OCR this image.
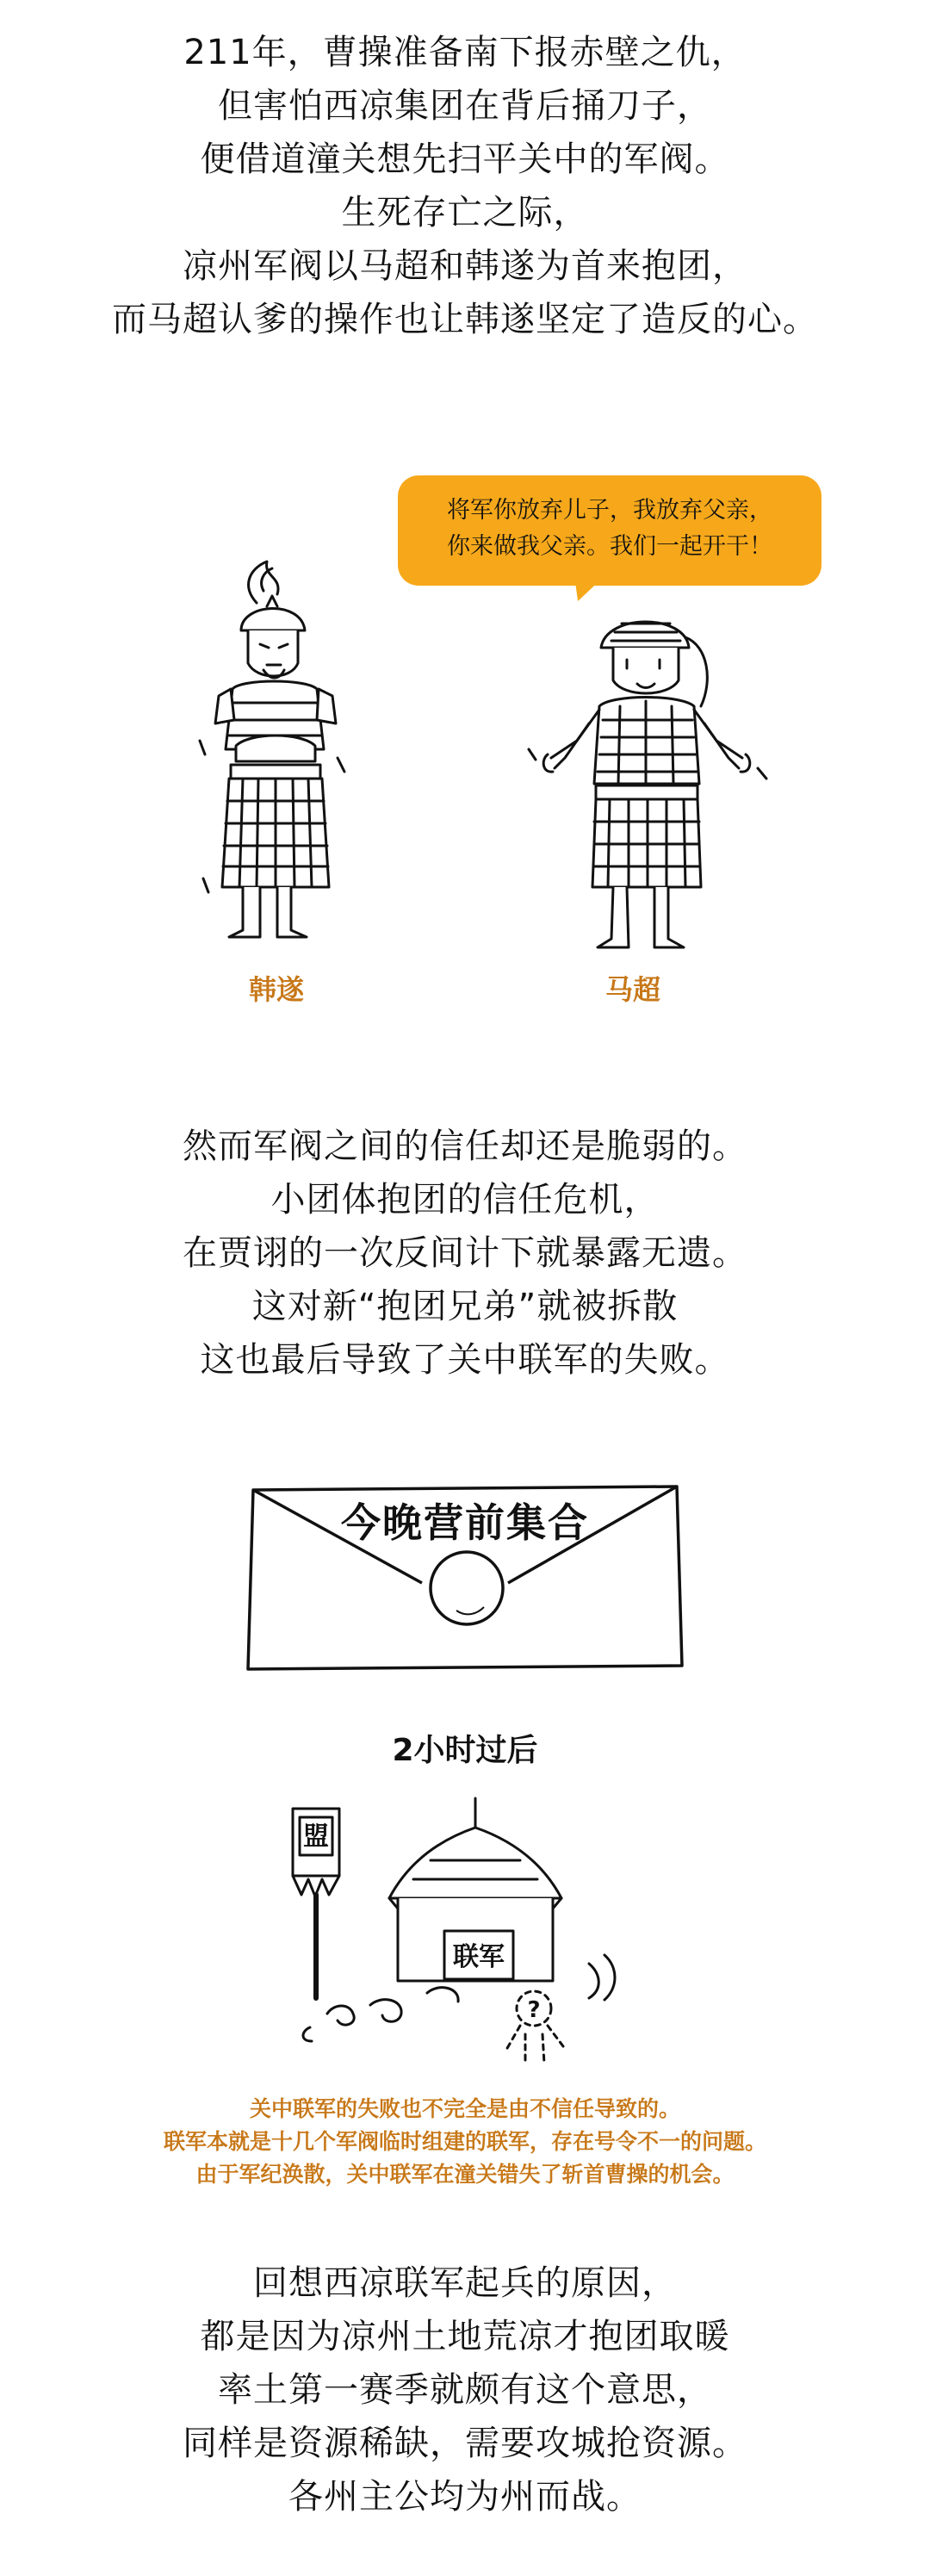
211年，曹操准备南下报赤壁之仇，
但害怕西凉集团在背后捅刀子，
便借道潼关想先扫平关中的军阀。
生死存亡之际，
凉州军阀以马超和韩遂为首来抱团，
而马超认爹的操作也让韩遂坚定了造反的心。
将军你放弃儿子，我放弃父亲，
你来做我父亲。我们一起开干！
韩遂	马超
然而军阀之间的信任却还是脆弱的。
小团体抱团的信任危机，
在贾诩的一次反间计下就暴露无遗。
这对新“抱团兄弟”就被拆散
这也最后导致了关中联军的失败。
今晚营前集合
2小时过后
盟
联军
?
关中联军的失败也不完全是由不信任导致的。
联军本就是十几个军阀临时组建的联军，存在号令不一的问题。
由于军纪涣散，关中联军在潼关错失了斩首曹操的机会。
回想西凉联军起兵的原因，
都是因为凉州土地荒凉才抱团取暖
率土第一赛季就颇有这个意思，
同样是资源稀缺，需要攻城抢资源。
各州主公均为州而战。
